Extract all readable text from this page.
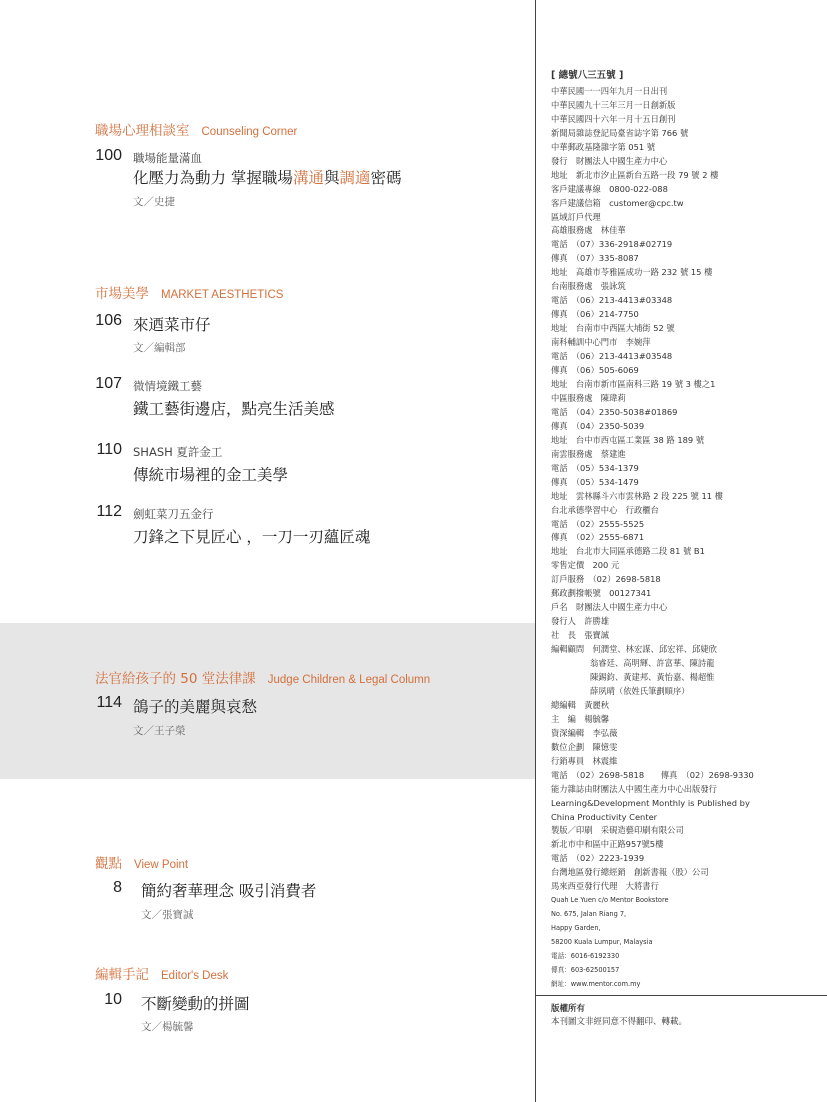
職場心理相談室 Counseling Corner
100 職場能量滿血
化壓力為動力 掌握職場溝通與調適密碼
文／史捷
市場美學 MARKET AESTHETICS
106 來迺菜市仔
文／編輯部
107 微情境鐵工藝
鐵工藝街邊店，點亮生活美感
110 SHASH 夏許金工
傳統市場裡的金工美學
112 劍虹菜刀五金行
刀鋒之下見匠心 ，一刀一刃蘊匠魂
法官給孩子的 50 堂法律課 Judge Children & Legal Column
114 鴿子的美麗與哀愁
文／王子榮
觀點 View Point
8 簡約奢華理念 吸引消費者
文／張寶誠
編輯手記 Editor's Desk
10 不斷變動的拼圖
文／楊毓馨
[ 總號八三五號 ]
中華民國一一四年九月一日出刊
中華民國九十三年三月一日創新版
中華民國四十六年一月十五日創刊
新聞局雜誌登記局臺省誌字第 766 號
中華郵政基隆雜字第 051 號
發行　財團法人中國生產力中心
地址　新北市汐止區新台五路一段 79 號 2 樓
客戶建議專線　0800-022-088
客戶建議信箱　customer@cpc.tw
區域訂戶代理
高雄服務處　林佳華
電話　（07）336-2918#02719
傳真　（07）335-8087
地址　高雄市苓雅區成功一路 232 號 15 樓
台南服務處　張詠筑
電話　（06）213-4413#03348
傳真　（06）214-7750
地址　台南市中西區大埔街 52 號
南科輔訓中心門市　李婉萍
電話　（06）213-4413#03548
傳真　（06）505-6069
地址　台南市新市區南科三路 19 號 3 樓之1
中區服務處　陳瑋莉
電話　（04）2350-5038#01869
傳真　（04）2350-5039
地址　台中市西屯區工業區 38 路 189 號
南雲服務處　蔡建進
電話　（05）534-1379
傳真　（05）534-1479
地址　雲林縣斗六市雲林路 2 段 225 號 11 樓
台北承德學習中心　行政櫃台
電話　（02）2555-5525
傳真　（02）2555-6871
地址　台北市大同區承德路二段 81 號 B1
零售定價　200 元
訂戶服務　（02）2698-5818
郵政劃撥帳號　00127341
戶名　財團法人中國生產力中心
發行人　許勝雄
社　長　張寶誠
編輯顧問　何潤堂、林宏謀、邱宏祥、邱婕欣
翁睿廷、高明輝、許富華、陳詩龍
陳錫鈞、黃建邦、黃怡嘉、楊超惟
薛夙晴（依姓氏筆劃順序）
總編輯　黃麗秋
主　編　楊毓馨
資深編輯　李弘薇
數位企劃　陳憶雯
行銷專員　林震維
電話　（02）2698-5818　　傳真　（02）2698-9330
能力雜誌由財團法人中國生產力中心出版發行
Learning&Development Monthly is Published by
China Productivity Center
製版／印刷　采硯造藝印刷有限公司
新北市中和區中正路957號5樓
電話　（02）2223-1939
台灣地區發行總經銷　創新書報（股）公司
馬來西亞發行代理　大將書行
Quah Le Yuen c/o Mentor Bookstore
No. 675, Jalan Riang 7,
Happy Garden,
58200 Kuala Lumpur, Malaysia
電話：6016-6192330
傳真：603-62500157
網址：www.mentor.com.my
版權所有
本刊圖文非經同意不得翻印、轉載。
